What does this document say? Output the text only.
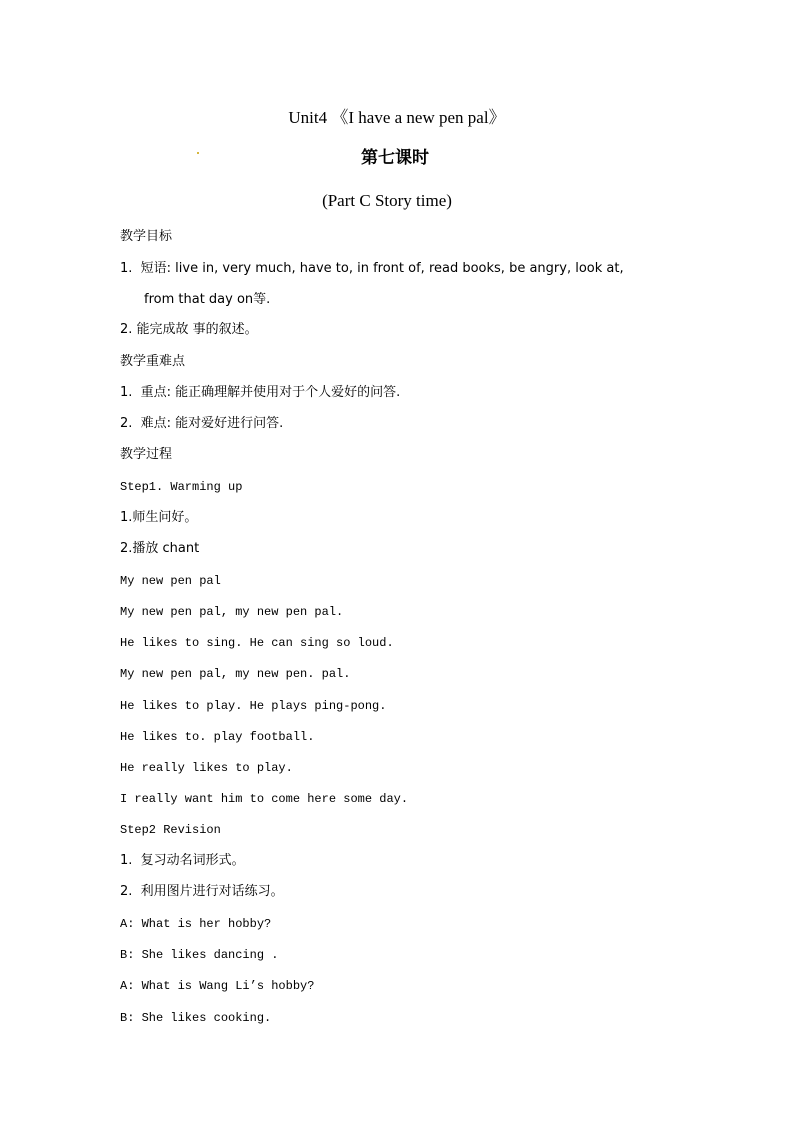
Unit4 《I have a new pen pal》
第七课时
(Part C Story time)
教学目标
1.  短语: live in, very much, have to, in front of, read books, be angry, look at,
from that day on等.
2. 能完成故 事的叙述。
教学重难点
1.  重点: 能正确理解并使用对于个人爱好的问答.
2.  难点: 能对爱好进行问答.
教学过程
Step1. Warming up
1.师生问好。
2.播放 chant
My new pen pal
My new pen pal, my new pen pal.
He likes to sing. He can sing so loud.
My new pen pal, my new pen. pal.
He likes to play. He plays ping-pong.
He likes to. play football.
He really likes to play.
I really want him to come here some day.
Step2 Revision
1.  复习动名词形式。
2.  利用图片进行对话练习。
A: What is her hobby?
B: She likes dancing .
A: What is Wang Li’s hobby?
B: She likes cooking.
